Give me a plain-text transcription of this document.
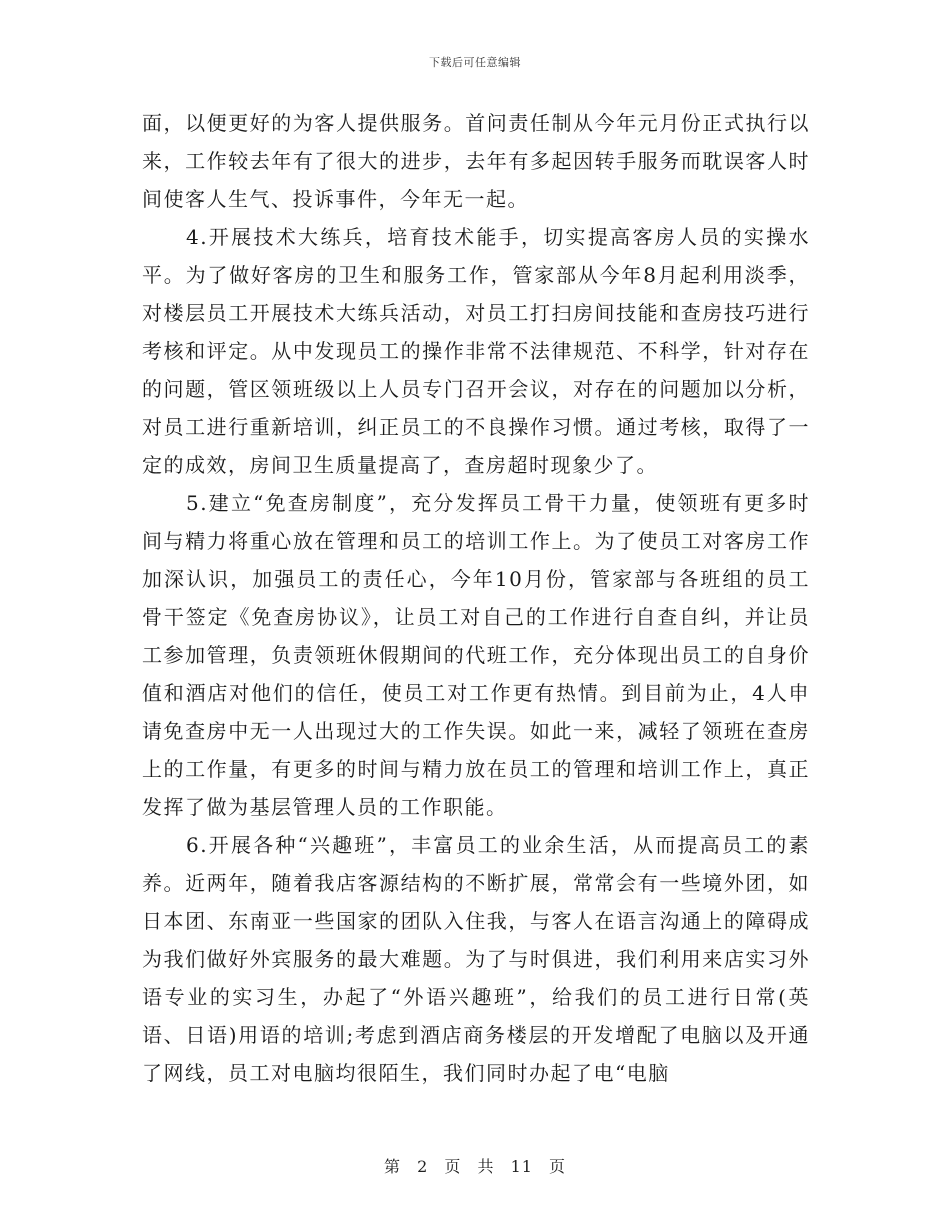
下载后可任意编辑

面，以便更好的为客人提供服务。首问责任制从今年元月份正式执行以来，工作较去年有了很大的进步，去年有多起因转手服务而耽误客人时间使客人生气、投诉事件，今年无一起。

4.开展技术大练兵，培育技术能手，切实提高客房人员的实操水平。为了做好客房的卫生和服务工作，管家部从今年8月起利用淡季，对楼层员工开展技术大练兵活动，对员工打扫房间技能和查房技巧进行考核和评定。从中发现员工的操作非常不法律规范、不科学，针对存在的问题，管区领班级以上人员专门召开会议，对存在的问题加以分析，对员工进行重新培训，纠正员工的不良操作习惯。通过考核，取得了一定的成效，房间卫生质量提高了，查房超时现象少了。

5.建立“免查房制度”，充分发挥员工骨干力量，使领班有更多时间与精力将重心放在管理和员工的培训工作上。为了使员工对客房工作加深认识，加强员工的责任心，今年10月份，管家部与各班组的员工骨干签定《免查房协议》，让员工对自己的工作进行自查自纠，并让员工参加管理，负责领班休假期间的代班工作，充分体现出员工的自身价值和酒店对他们的信任，使员工对工作更有热情。到目前为止，4人申请免查房中无一人出现过大的工作失误。如此一来，减轻了领班在查房上的工作量，有更多的时间与精力放在员工的管理和培训工作上，真正发挥了做为基层管理人员的工作职能。

6.开展各种“兴趣班”，丰富员工的业余生活，从而提高员工的素养。近两年，随着我店客源结构的不断扩展，常常会有一些境外团，如日本团、东南亚一些国家的团队入住我，与客人在语言沟通上的障碍成为我们做好外宾服务的最大难题。为了与时俱进，我们利用来店实习外语专业的实习生，办起了“外语兴趣班”，给我们的员工进行日常(英语、日语)用语的培训;考虑到酒店商务楼层的开发增配了电脑以及开通了网线，员工对电脑均很陌生，我们同时办起了电“电脑

第 2 页 共 11 页
